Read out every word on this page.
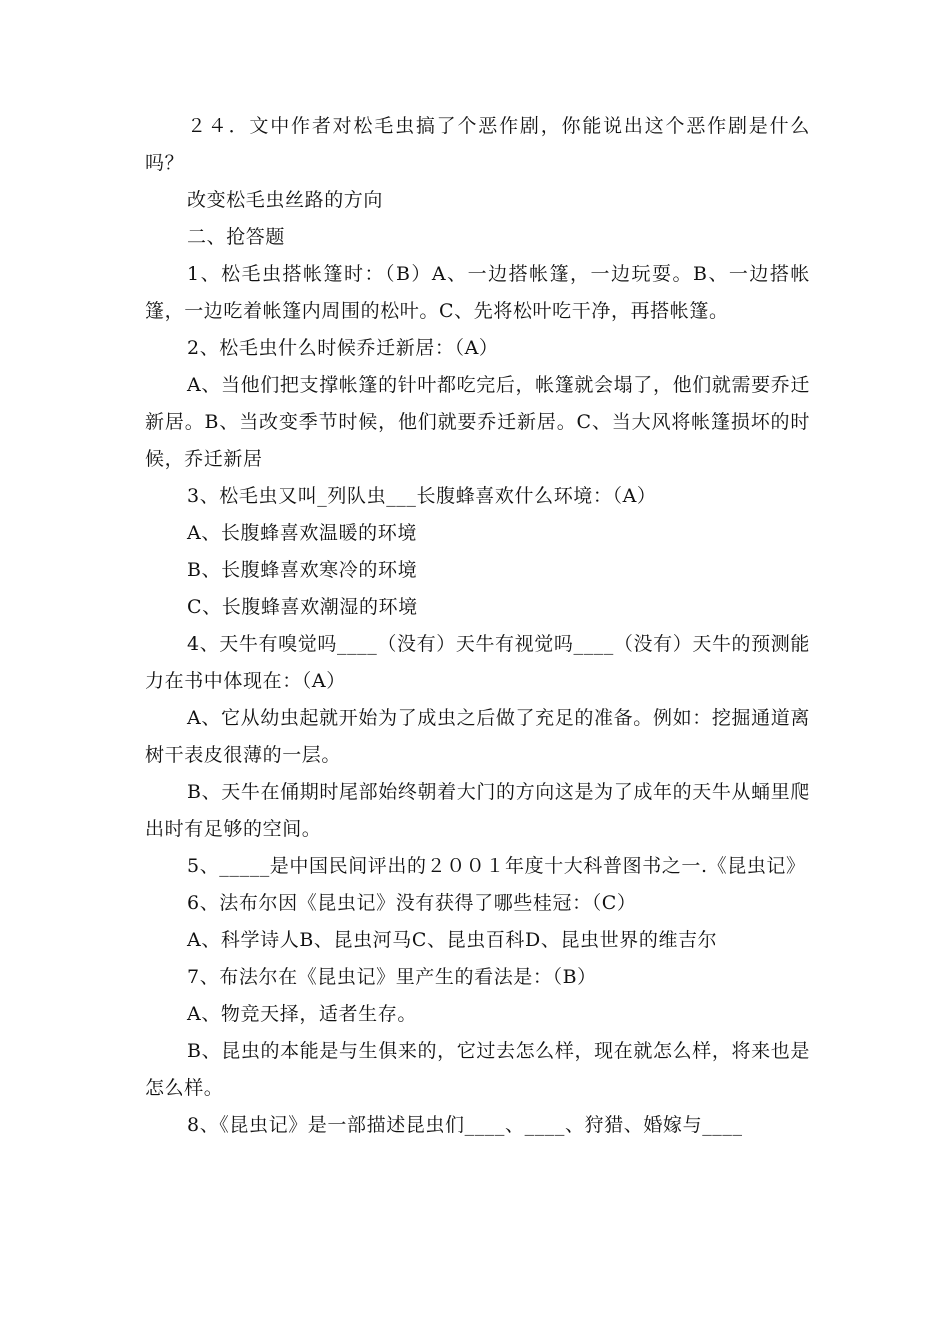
２４．文中作者对松毛虫搞了个恶作剧，你能说出这个恶作剧是什么吗？

改变松毛虫丝路的方向

二、抢答题

1、松毛虫搭帐篷时：（B）A、一边搭帐篷，一边玩耍。B、一边搭帐篷，一边吃着帐篷内周围的松叶。C、先将松叶吃干净，再搭帐篷。

2、松毛虫什么时候乔迁新居：（A）

A、当他们把支撑帐篷的针叶都吃完后，帐篷就会塌了，他们就需要乔迁新居。B、当改变季节时候，他们就要乔迁新居。C、当大风将帐篷损坏的时候，乔迁新居

3、松毛虫又叫_列队虫___长腹蜂喜欢什么环境：（A）

A、长腹蜂喜欢温暖的环境

B、长腹蜂喜欢寒冷的环境

C、长腹蜂喜欢潮湿的环境

4、天牛有嗅觉吗____（没有）天牛有视觉吗____（没有）天牛的预测能力在书中体现在：（A）

A、它从幼虫起就开始为了成虫之后做了充足的准备。例如：挖掘通道离树干表皮很薄的一层。

B、天牛在俑期时尾部始终朝着大门的方向这是为了成年的天牛从蛹里爬出时有足够的空间。

5、_____是中国民间评出的２００１年度十大科普图书之一.《昆虫记》

6、法布尔因《昆虫记》没有获得了哪些桂冠：（C）

A、科学诗人B、昆虫河马C、昆虫百科D、昆虫世界的维吉尔

7、布法尔在《昆虫记》里产生的看法是：（B）

A、物竞天择，适者生存。

B、昆虫的本能是与生俱来的，它过去怎么样，现在就怎么样，将来也是怎么样。

8、《昆虫记》是一部描述昆虫们____、____、狩猎、婚嫁与____
